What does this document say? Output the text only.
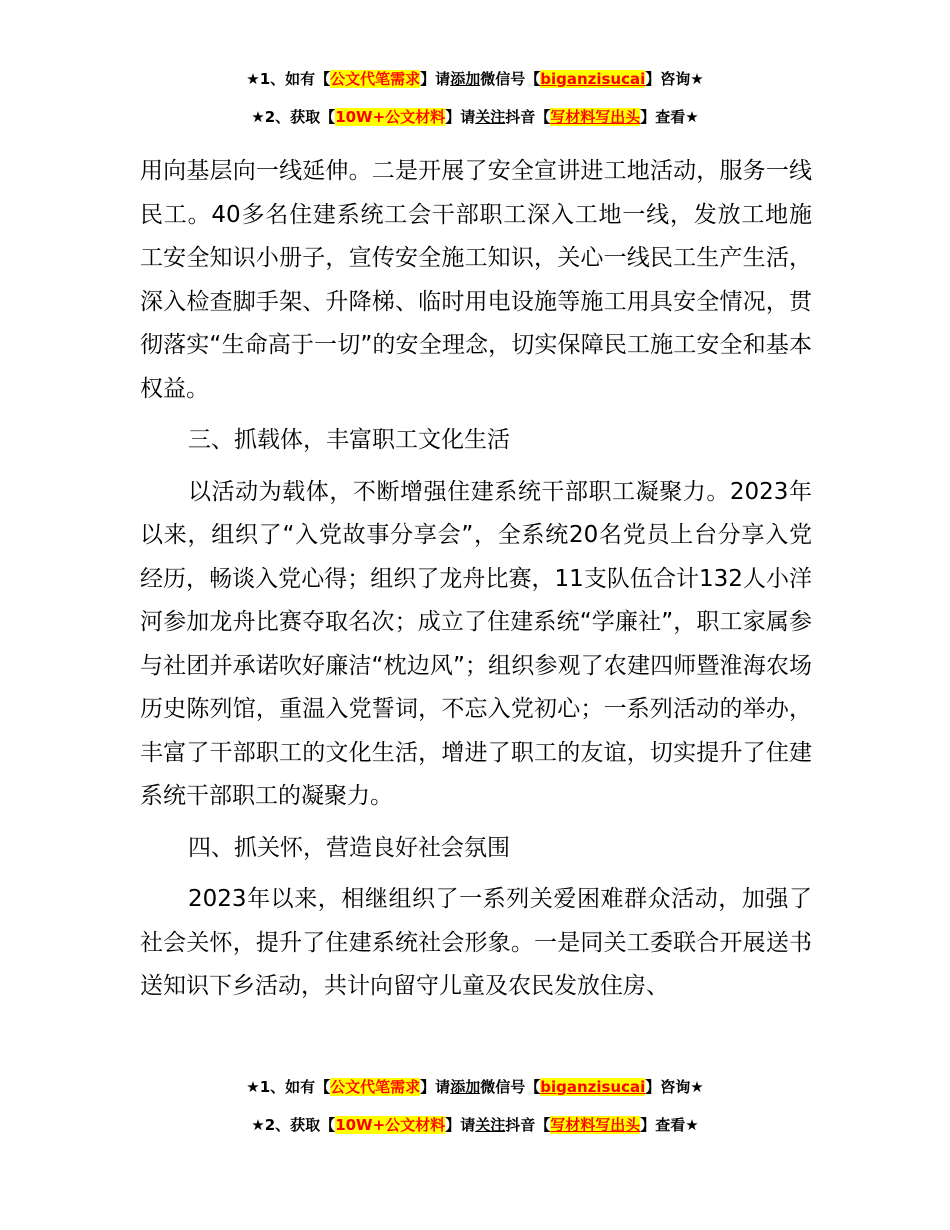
★1、如有【公文代笔需求】请添加微信号【biganzisucai】咨询★
★2、获取【10W+公文材料】请关注抖音【写材料写出头】查看★

用向基层向一线延伸。二是开展了安全宣讲进工地活动，服务一线民工。40多名住建系统工会干部职工深入工地一线，发放工地施工安全知识小册子，宣传安全施工知识，关心一线民工生产生活，深入检查脚手架、升降梯、临时用电设施等施工用具安全情况，贯彻落实“生命高于一切”的安全理念，切实保障民工施工安全和基本权益。

三、抓载体，丰富职工文化生活

以活动为载体，不断增强住建系统干部职工凝聚力。2023年以来，组织了“入党故事分享会”，全系统20名党员上台分享入党经历，畅谈入党心得；组织了龙舟比赛，11支队伍合计132人小洋河参加龙舟比赛夺取名次；成立了住建系统“学廉社”，职工家属参与社团并承诺吹好廉洁“枕边风”；组织参观了农建四师暨淮海农场历史陈列馆，重温入党誓词，不忘入党初心；一系列活动的举办，丰富了干部职工的文化生活，增进了职工的友谊，切实提升了住建系统干部职工的凝聚力。

四、抓关怀，营造良好社会氛围

2023年以来，相继组织了一系列关爱困难群众活动，加强了社会关怀，提升了住建系统社会形象。一是同关工委联合开展送书送知识下乡活动，共计向留守儿童及农民发放住房、

★1、如有【公文代笔需求】请添加微信号【biganzisucai】咨询★
★2、获取【10W+公文材料】请关注抖音【写材料写出头】查看★
